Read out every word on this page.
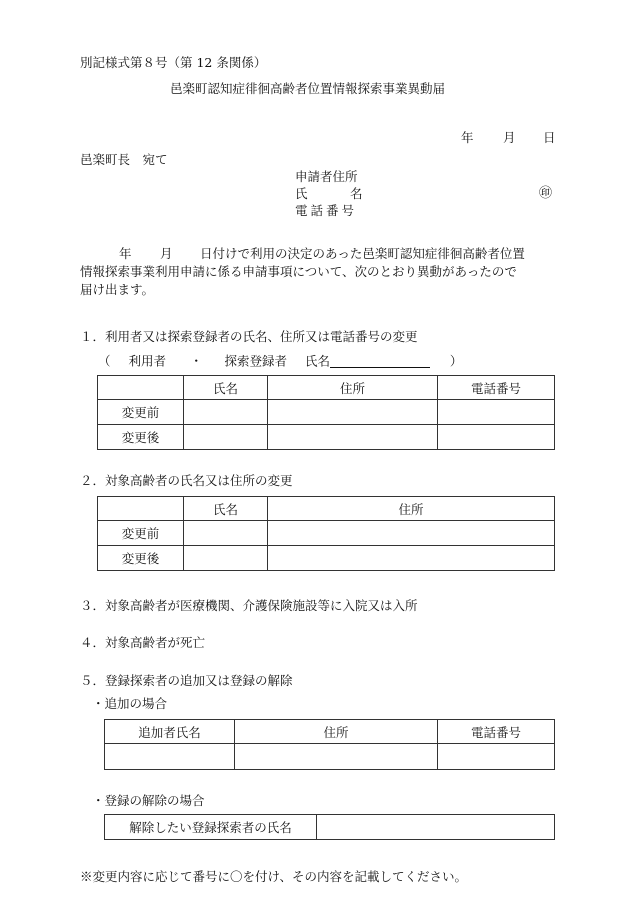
別記様式第８号（第 12 条関係）
邑楽町認知症徘徊高齢者位置情報探索事業異動届
年 月 日
邑楽町長　宛て
申請者住所
氏	名	㊞
電話番号
年 月 日付けで利用の決定のあった邑楽町認知症徘徊高齢者位置
情報探索事業利用申請に係る申請事項について、次のとおり異動があったので
届け出ます。
１．利用者又は探索登録者の氏名、住所又は電話番号の変更
（ 利用者 ・ 探索登録者 氏名	）
	氏名	住所	電話番号
変更前			
変更後			
２．対象高齢者の氏名又は住所の変更
	氏名	住所
変更前		
変更後		
３．対象高齢者が医療機関、介護保険施設等に入院又は入所
４．対象高齢者が死亡
５．登録探索者の追加又は登録の解除
・追加の場合
追加者氏名	住所	電話番号

・登録の解除の場合
解除したい登録探索者の氏名	
※変更内容に応じて番号に〇を付け、その内容を記載してください。
